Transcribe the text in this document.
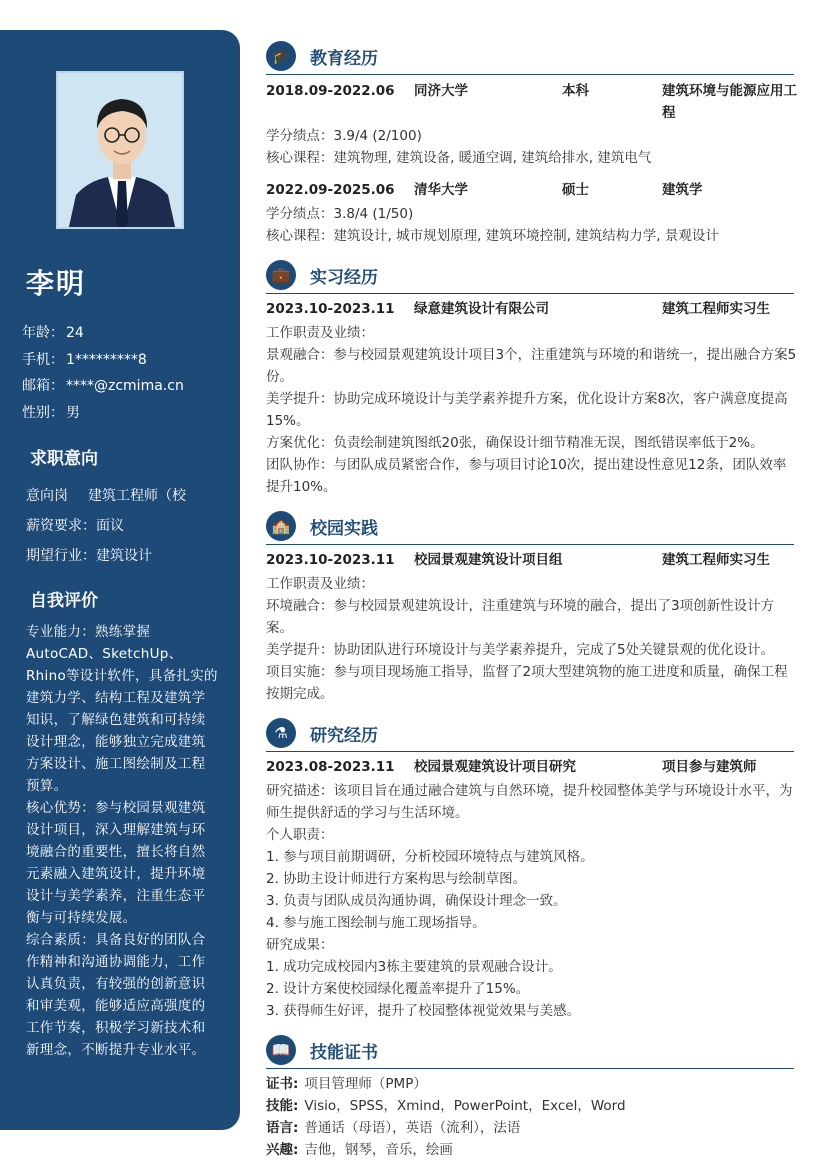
李明
年龄： 24
手机： 1*********8
邮箱： ****@zcmima.cn
性别： 男
求职意向
意向岗 建筑工程师（校
薪资要求：面议
期望行业：建筑设计
自我评价

专业能力：熟练掌握AutoCAD、SketchUp、Rhino等设计软件，具备扎实的建筑力学、结构工程及建筑学知识，了解绿色建筑和可持续设计理念，能够独立完成建筑方案设计、施工图绘制及工程预算。

核心优势：参与校园景观建筑设计项目，深入理解建筑与环境融合的重要性，擅长将自然元素融入建筑设计，提升环境设计与美学素养，注重生态平衡与可持续发展。

综合素质：具备良好的团队合作精神和沟通协调能力，工作认真负责，有较强的创新意识和审美观，能够适应高强度的工作节奏，积极学习新技术和新理念，不断提升专业水平。

🎓	教育经历
2018.09-2022.06 同济大学	本科	建筑环境与能源应用工程

学分绩点：3.9/4 (2/100)

核心课程：建筑物理, 建筑设备, 暖通空调, 建筑给排水, 建筑电气

2022.09-2025.06 清华大学	硕士	建筑学

学分绩点：3.8/4 (1/50)

核心课程：建筑设计, 城市规划原理, 建筑环境控制, 建筑结构力学, 景观设计

💼	实习经历
2023.10-2023.11 绿意建筑设计有限公司	建筑工程师实习生

工作职责及业绩：

景观融合：参与校园景观建筑设计项目3个，注重建筑与环境的和谐统一，提出融合方案5份。

美学提升：协助完成环境设计与美学素养提升方案，优化设计方案8次，客户满意度提高15%。

方案优化：负责绘制建筑图纸20张，确保设计细节精准无误，图纸错误率低于2%。

团队协作：与团队成员紧密合作，参与项目讨论10次，提出建设性意见12条，团队效率提升10%。

🏫	校园实践
2023.10-2023.11 校园景观建筑设计项目组	建筑工程师实习生

工作职责及业绩：

环境融合：参与校园景观建筑设计，注重建筑与环境的融合，提出了3项创新性设计方案。

美学提升：协助团队进行环境设计与美学素养提升，完成了5处关键景观的优化设计。

项目实施：参与项目现场施工指导，监督了2项大型建筑物的施工进度和质量，确保工程按期完成。

⚗	研究经历
2023.08-2023.11 校园景观建筑设计项目研究	项目参与建筑师

研究描述：该项目旨在通过融合建筑与自然环境，提升校园整体美学与环境设计水平，为师生提供舒适的学习与生活环境。

个人职责：

1. 参与项目前期调研，分析校园环境特点与建筑风格。

2. 协助主设计师进行方案构思与绘制草图。

3. 负责与团队成员沟通协调，确保设计理念一致。

4. 参与施工图绘制与施工现场指导。

研究成果：

1. 成功完成校园内3栋主要建筑的景观融合设计。

2. 设计方案使校园绿化覆盖率提升了15%。

3. 获得师生好评，提升了校园整体视觉效果与美感。

📖	技能证书

证书: 项目管理师（PMP）

技能: Visio，SPSS，Xmind，PowerPoint，Excel，Word

语言: 普通话（母语），英语（流利），法语

兴趣: 吉他，钢琴，音乐，绘画
